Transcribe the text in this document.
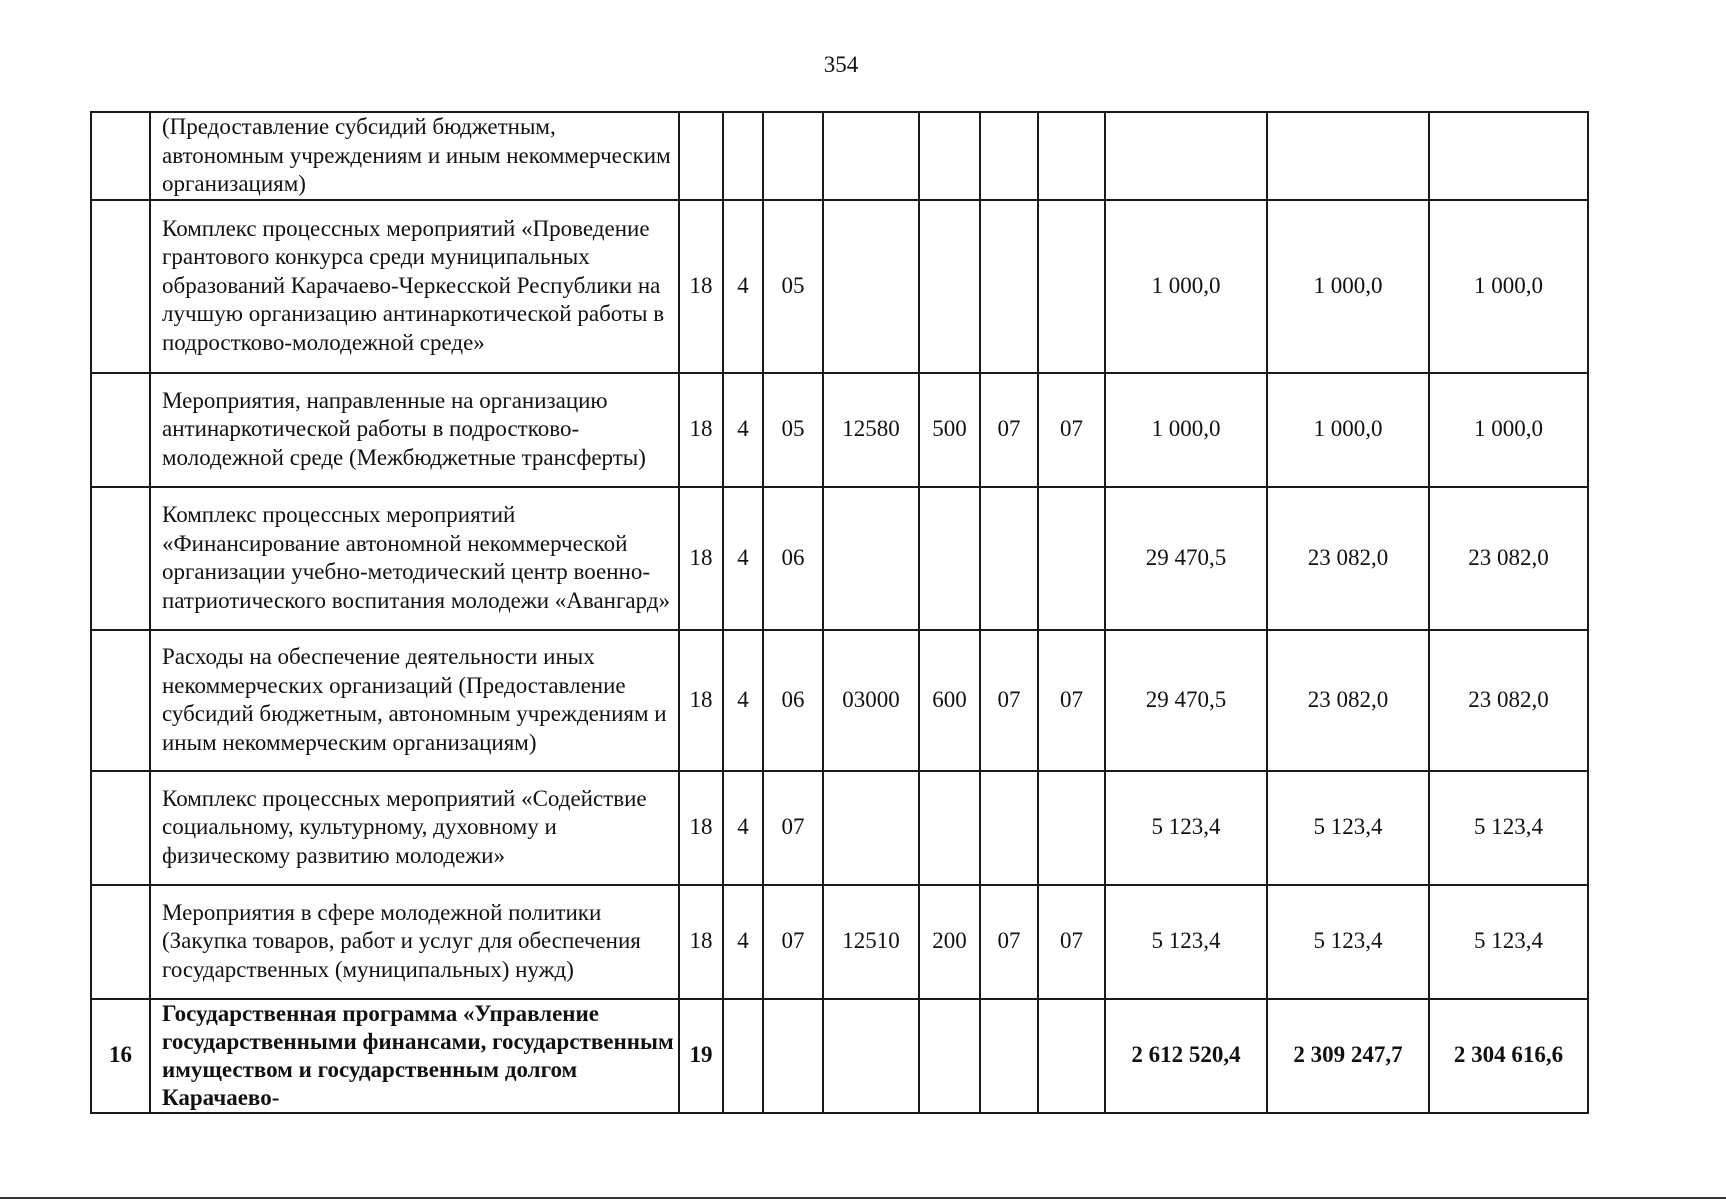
354
	(Предоставление субсидий бюджетным, автономным учреждениям и иным некоммерческим организациям)										
	Комплекс процессных мероприятий «Проведение грантового конкурса среди муниципальных образований Карачаево-Черкесской Республики на лучшую организацию антинаркотической работы в подростково-молодежной среде»	18	4	05					1 000,0	1 000,0	1 000,0
	Мероприятия, направленные на организацию антинаркотической работы в подростково-молодежной среде (Межбюджетные трансферты)	18	4	05	12580	500	07	07	1 000,0	1 000,0	1 000,0
	Комплекс процессных мероприятий «Финансирование автономной некоммерческой организации учебно-методический центр военно-патриотического воспитания молодежи «Авангард»	18	4	06					29 470,5	23 082,0	23 082,0
	Расходы на обеспечение деятельности иных некоммерческих организаций (Предоставление субсидий бюджетным, автономным учреждениям и иным некоммерческим организациям)	18	4	06	03000	600	07	07	29 470,5	23 082,0	23 082,0
	Комплекс процессных мероприятий «Содействие социальному, культурному, духовному и физическому развитию молодежи»	18	4	07					5 123,4	5 123,4	5 123,4
	Мероприятия в сфере молодежной политики (Закупка товаров, работ и услуг для обеспечения государственных (муниципальных) нужд)	18	4	07	12510	200	07	07	5 123,4	5 123,4	5 123,4
16	Государственная программа «Управление государственными финансами, государственным имуществом и государственным долгом Карачаево-	19							2 612 520,4	2 309 247,7	2 304 616,6
